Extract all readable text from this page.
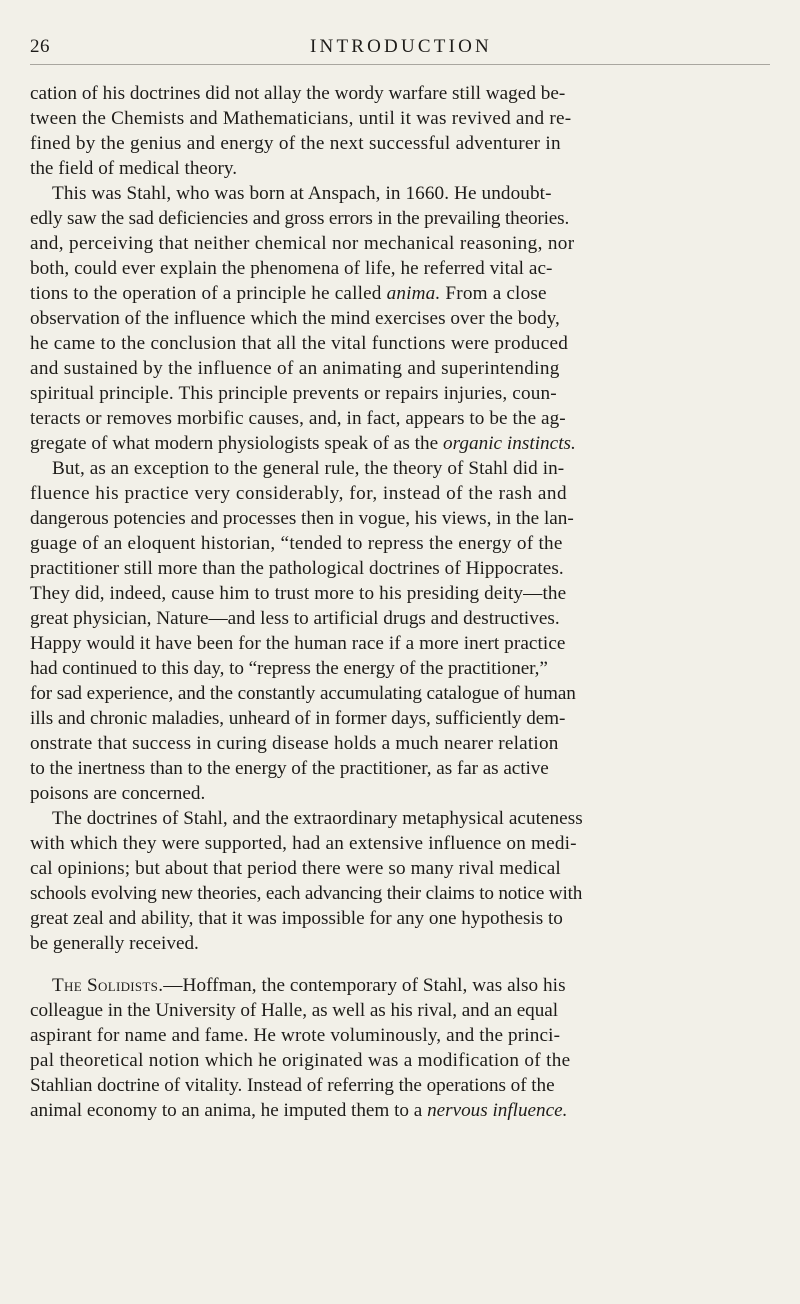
26	INTRODUCTION
cation of his doctrines did not allay the wordy warfare still waged be-
tween the Chemists and Mathematicians, until it was revived and re-
fined by the genius and energy of the next successful adventurer in
the field of medical theory.
This was Stahl, who was born at Anspach, in 1660. He undoubt-
edly saw the sad deficiencies and gross errors in the prevailing theories.
and, perceiving that neither chemical nor mechanical reasoning, nor
both, could ever explain the phenomena of life, he referred vital ac-
tions to the operation of a principle he called anima. From a close
observation of the influence which the mind exercises over the body,
he came to the conclusion that all the vital functions were produced
and sustained by the influence of an animating and superintending
spiritual principle. This principle prevents or repairs injuries, coun-
teracts or removes morbific causes, and, in fact, appears to be the ag-
gregate of what modern physiologists speak of as the organic instincts.
But, as an exception to the general rule, the theory of Stahl did in-
fluence his practice very considerably, for, instead of the rash and
dangerous potencies and processes then in vogue, his views, in the lan-
guage of an eloquent historian, “tended to repress the energy of the
practitioner still more than the pathological doctrines of Hippocrates.
They did, indeed, cause him to trust more to his presiding deity—the
great physician, Nature—and less to artificial drugs and destructives.
Happy would it have been for the human race if a more inert practice
had continued to this day, to “repress the energy of the practitioner,”
for sad experience, and the constantly accumulating catalogue of human
ills and chronic maladies, unheard of in former days, sufficiently dem-
onstrate that success in curing disease holds a much nearer relation
to the inertness than to the energy of the practitioner, as far as active
poisons are concerned.
The doctrines of Stahl, and the extraordinary metaphysical acuteness
with which they were supported, had an extensive influence on medi-
cal opinions; but about that period there were so many rival medical
schools evolving new theories, each advancing their claims to notice with
great zeal and ability, that it was impossible for any one hypothesis to
be generally received.
The Solidists.—Hoffman, the contemporary of Stahl, was also his
colleague in the University of Halle, as well as his rival, and an equal
aspirant for name and fame. He wrote voluminously, and the princi-
pal theoretical notion which he originated was a modification of the
Stahlian doctrine of vitality. Instead of referring the operations of the
animal economy to an anima, he imputed them to a nervous influence.
